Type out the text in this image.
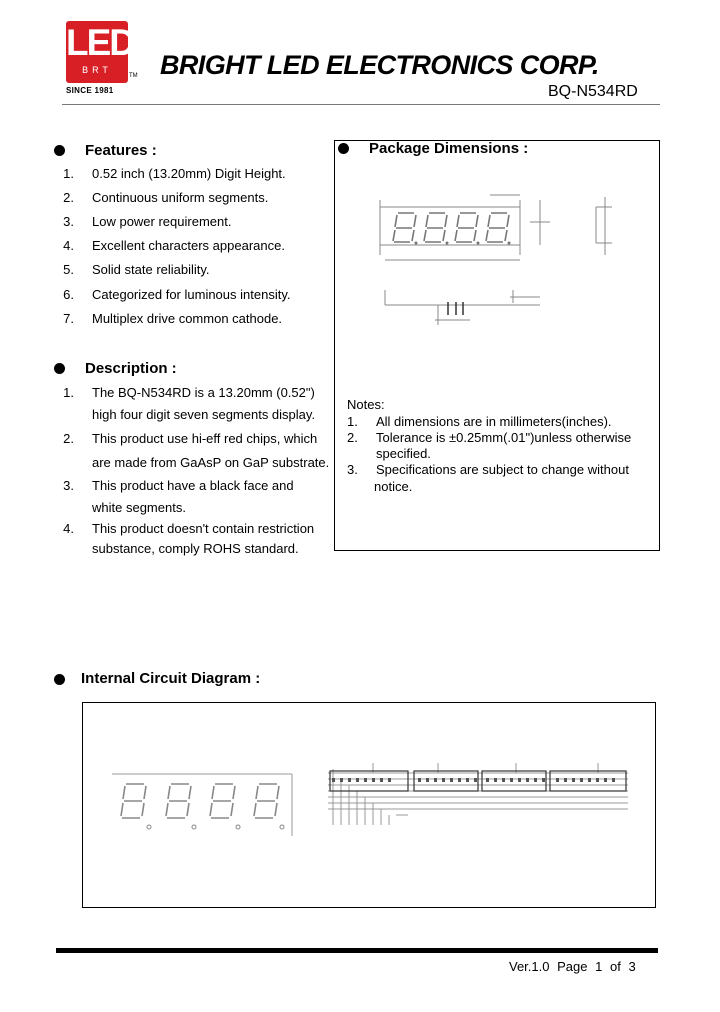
LED
BRT
TM
SINCE 1981
BRIGHT LED ELECTRONICS CORP.
BQ-N534RD
Features :
1. 0.52 inch (13.20mm) Digit Height.
2. Continuous uniform segments.
3. Low power requirement.
4. Excellent characters appearance.
5. Solid state reliability.
6. Categorized for luminous intensity.
7. Multiplex drive common cathode.
Description :
1. The BQ-N534RD is a 13.20mm (0.52")
high four digit seven segments display.
2. This product use hi-eff red chips, which
are made from GaAsP on GaP substrate.
3. This product have a black face and
white segments.
4. This product doesn't contain restriction
substance, comply ROHS standard.
Package Dimensions :
Notes:
1. All dimensions are in millimeters(inches).
2. Tolerance is ±0.25mm(.01")unless otherwise
specified.
3. Specifications are subject to change without
notice.
Internal Circuit Diagram :
Ver.1.0 Page 1 of 3
